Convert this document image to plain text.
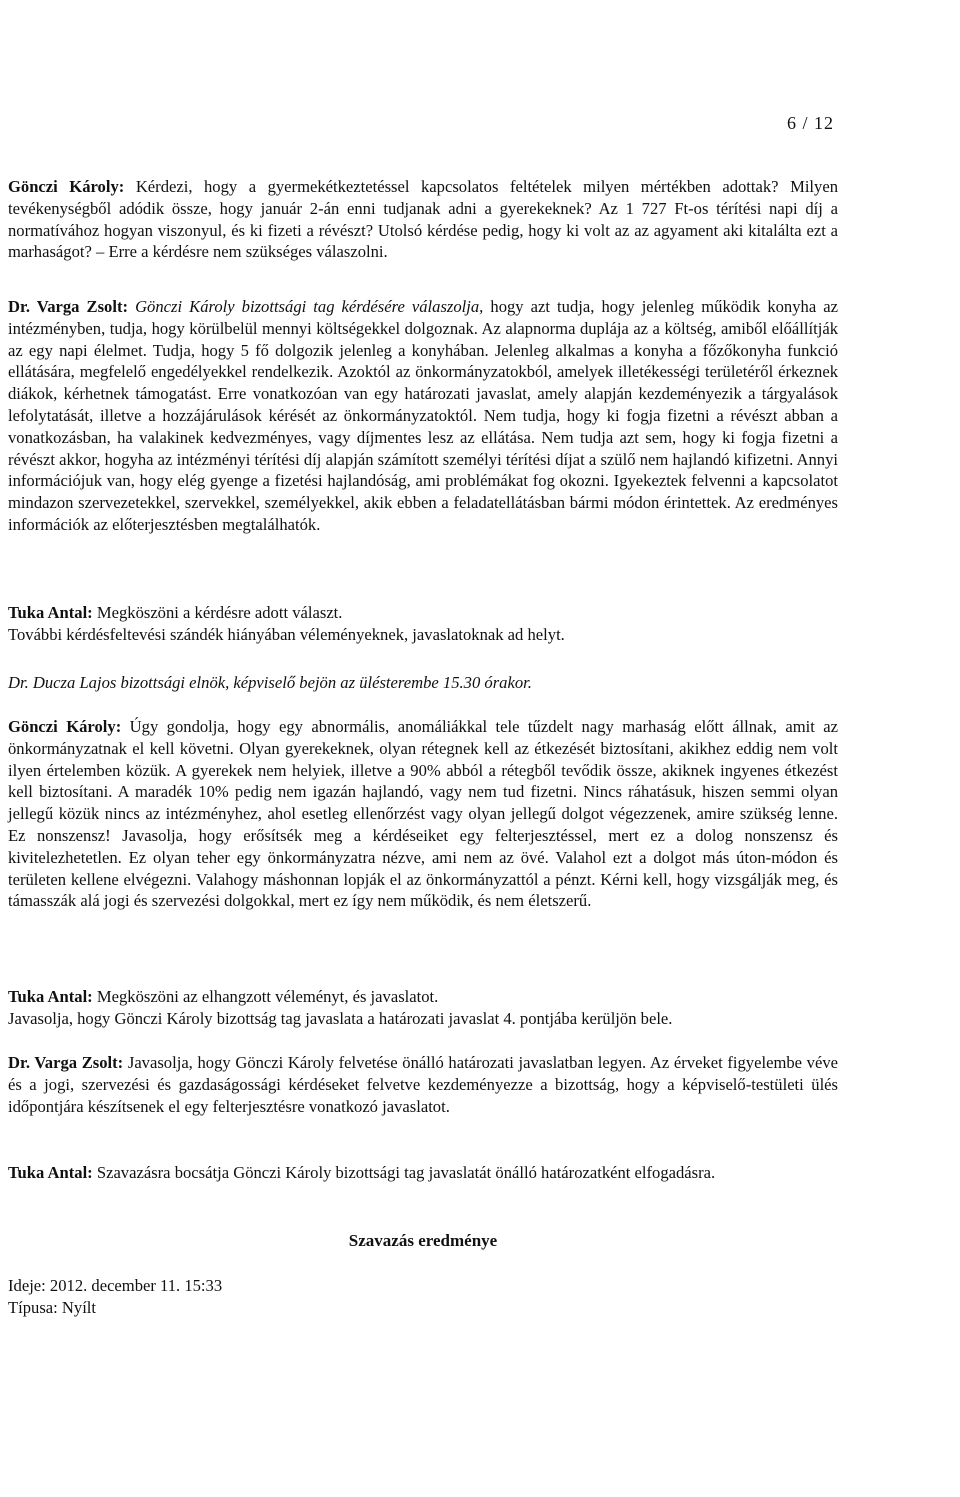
6 / 12

Gönczi Károly: Kérdezi, hogy a gyermekétkeztetéssel kapcsolatos feltételek milyen mértékben adottak? Milyen tevékenységből adódik össze, hogy január 2-án enni tudjanak adni a gyerekeknek? Az 1 727 Ft-os térítési napi díj a normatívához hogyan viszonyul, és ki fizeti a révészt? Utolsó kérdése pedig, hogy ki volt az az agyament aki kitalálta ezt a marhaságot? – Erre a kérdésre nem szükséges válaszolni.

Dr. Varga Zsolt: Gönczi Károly bizottsági tag kérdésére válaszolja, hogy azt tudja, hogy jelenleg működik konyha az intézményben, tudja, hogy körülbelül mennyi költségekkel dolgoznak. Az alapnorma duplája az a költség, amiből előállítják az egy napi élelmet. Tudja, hogy 5 fő dolgozik jelenleg a konyhában. Jelenleg alkalmas a konyha a főzőkonyha funkció ellátására, megfelelő engedélyekkel rendelkezik. Azoktól az önkormányzatokból, amelyek illetékességi területéről érkeznek diákok, kérhetnek támogatást. Erre vonatkozóan van egy határozati javaslat, amely alapján kezdeményezik a tárgyalások lefolytatását, illetve a hozzájárulások kérését az önkormányzatoktól. Nem tudja, hogy ki fogja fizetni a révészt abban a vonatkozásban, ha valakinek kedvezményes, vagy díjmentes lesz az ellátása. Nem tudja azt sem, hogy ki fogja fizetni a révészt akkor, hogyha az intézményi térítési díj alapján számított személyi térítési díjat a szülő nem hajlandó kifizetni. Annyi információjuk van, hogy elég gyenge a fizetési hajlandóság, ami problémákat fog okozni. Igyekeztek felvenni a kapcsolatot mindazon szervezetekkel, szervekkel, személyekkel, akik ebben a feladatellátásban bármi módon érintettek. Az eredményes információk az előterjesztésben megtalálhatók.

Tuka Antal: Megköszöni a kérdésre adott választ.

További kérdésfeltevési szándék hiányában véleményeknek, javaslatoknak ad helyt.

Dr. Ducza Lajos bizottsági elnök, képviselő bejön az ülésterembe 15.30 órakor.

Gönczi Károly: Úgy gondolja, hogy egy abnormális, anomáliákkal tele tűzdelt nagy marhaság előtt állnak, amit az önkormányzatnak el kell követni. Olyan gyerekeknek, olyan rétegnek kell az étkezését biztosítani, akikhez eddig nem volt ilyen értelemben közük. A gyerekek nem helyiek, illetve a 90% abból a rétegből tevődik össze, akiknek ingyenes étkezést kell biztosítani. A maradék 10% pedig nem igazán hajlandó, vagy nem tud fizetni. Nincs ráhatásuk, hiszen semmi olyan jellegű közük nincs az intézményhez, ahol esetleg ellenőrzést vagy olyan jellegű dolgot végezzenek, amire szükség lenne. Ez nonszensz! Javasolja, hogy erősítsék meg a kérdéseiket egy felterjesztéssel, mert ez a dolog nonszensz és kivitelezhetetlen. Ez olyan teher egy önkormányzatra nézve, ami nem az övé. Valahol ezt a dolgot más úton-módon és területen kellene elvégezni. Valahogy máshonnan lopják el az önkormányzattól a pénzt. Kérni kell, hogy vizsgálják meg, és támasszák alá jogi és szervezési dolgokkal, mert ez így nem működik, és nem életszerű.

Tuka Antal: Megköszöni az elhangzott véleményt, és javaslatot.

Javasolja, hogy Gönczi Károly bizottság tag javaslata a határozati javaslat 4. pontjába kerüljön bele.

Dr. Varga Zsolt: Javasolja, hogy Gönczi Károly felvetése önálló határozati javaslatban legyen. Az érveket figyelembe véve és a jogi, szervezési és gazdaságossági kérdéseket felvetve kezdeményezze a bizottság, hogy a képviselő-testületi ülés időpontjára készítsenek el egy felterjesztésre vonatkozó javaslatot.

Tuka Antal: Szavazásra bocsátja Gönczi Károly bizottsági tag javaslatát önálló határozatként elfogadásra.

Szavazás eredménye

Ideje: 2012. december 11. 15:33

Típusa: Nyílt
